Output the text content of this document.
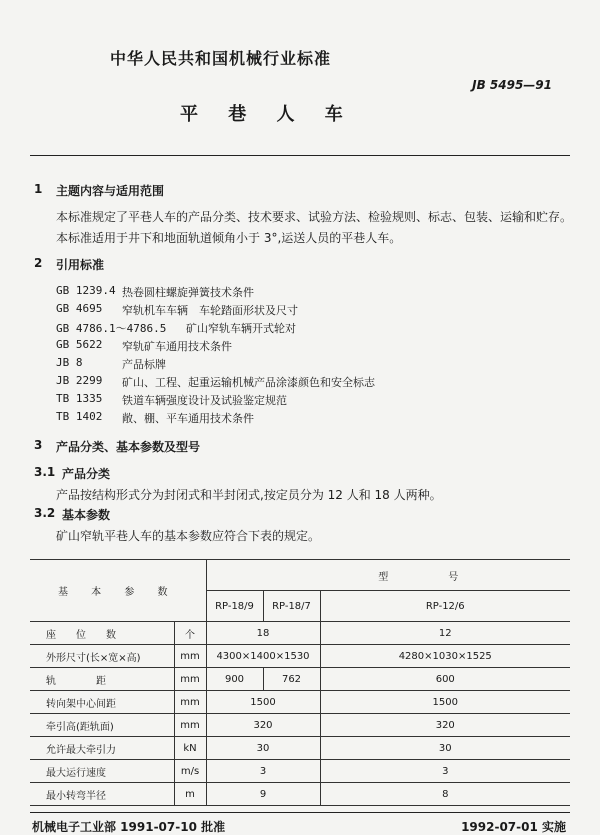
中华人民共和国机械行业标准
JB 5495—91
平 巷 人 车
1 主题内容与适用范围
本标准规定了平巷人车的产品分类、技术要求、试验方法、检验规则、标志、包装、运输和贮存。
本标准适用于井下和地面轨道倾角小于 3°,运送人员的平巷人车。
2 引用标准
GB 1239.4 热卷圆柱螺旋弹簧技术条件
GB 4695 窄轨机车车辆　车轮踏面形状及尺寸
GB 4786.1～4786.5 矿山窄轨车辆开式轮对
GB 5622 窄轨矿车通用技术条件
JB 8	产品标牌
JB 2299 矿山、工程、起重运输机械产品涂漆颜色和安全标志
TB 1335 铁道车辆强度设计及试验鉴定规范
TB 1402 敞、棚、平车通用技术条件
3 产品分类、基本参数及型号
3.1 产品分类
产品按结构形式分为封闭式和半封闭式,按定员分为 12 人和 18 人两种。
3.2 基本参数
矿山窄轨平巷人车的基本参数应符合下表的规定。
基 本 参 数		型 号		
		RP-18/9	RP-18/7	RP-12/6
座　　位　　数	个	18		12
外形尺寸(长×宽×高)	mm	4300×1400×1530		4280×1030×1525
轨　　　　距	mm	900	762	600
转向架中心间距	mm	1500		1500
牵引高(距轨面)	mm	320		320
允许最大牵引力	kN	30		30
最大运行速度	m/s	3		3
最小转弯半径	m	9		8
机械电子工业部 1991-07-10 批准	1992-07-01 实施
